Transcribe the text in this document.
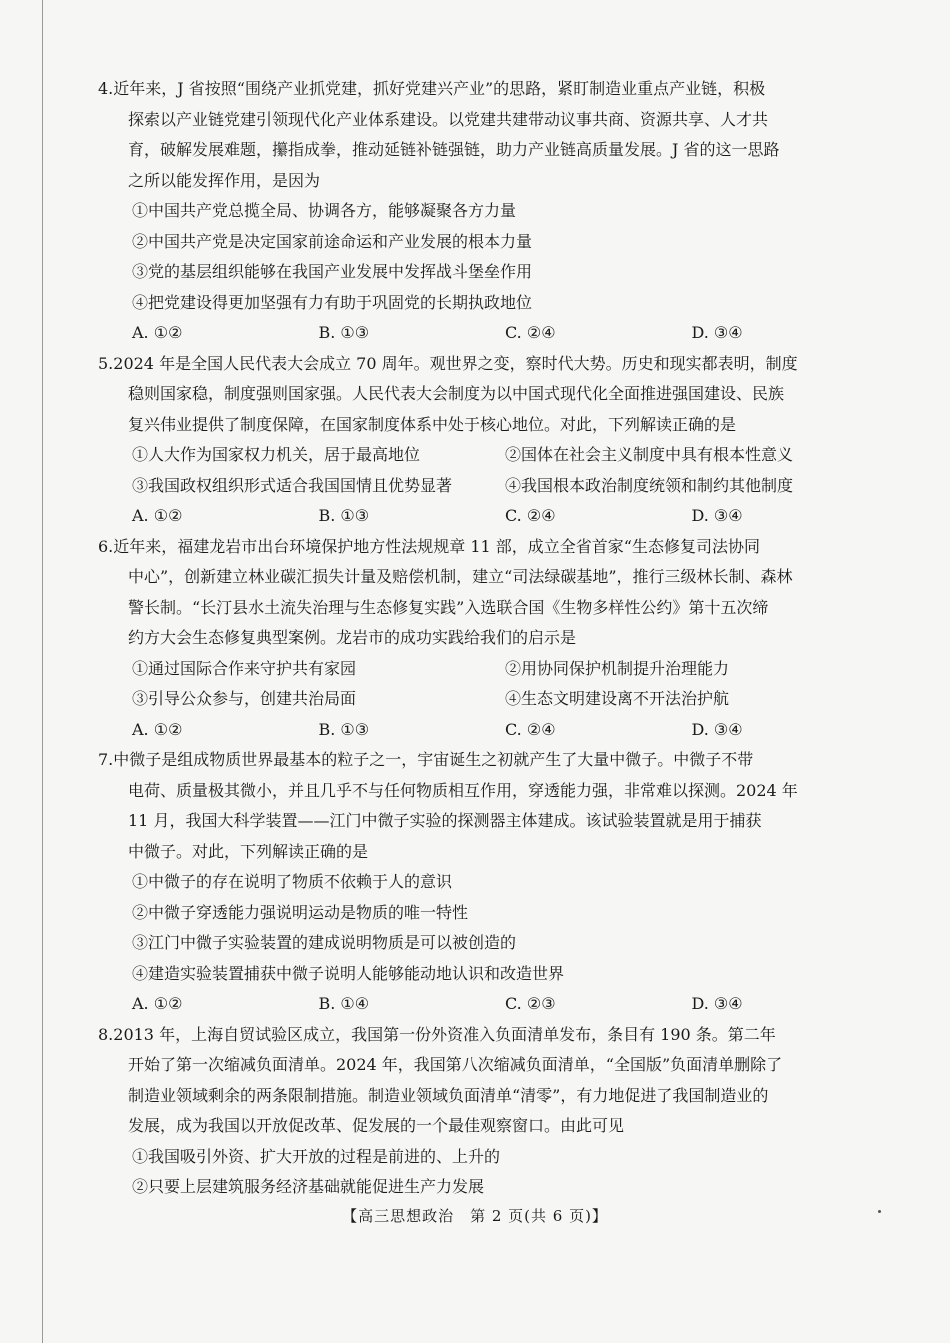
4.近年来，J 省按照“围绕产业抓党建，抓好党建兴产业”的思路，紧盯制造业重点产业链，积极
探索以产业链党建引领现代化产业体系建设。以党建共建带动议事共商、资源共享、人才共
育，破解发展难题，攥指成拳，推动延链补链强链，助力产业链高质量发展。J 省的这一思路
之所以能发挥作用，是因为
①中国共产党总揽全局、协调各方，能够凝聚各方力量
②中国共产党是决定国家前途命运和产业发展的根本力量
③党的基层组织能够在我国产业发展中发挥战斗堡垒作用
④把党建设得更加坚强有力有助于巩固党的长期执政地位
A. ①②	B. ①③	C. ②④	D. ③④
5.2024 年是全国人民代表大会成立 70 周年。观世界之变，察时代大势。历史和现实都表明，制度
稳则国家稳，制度强则国家强。人民代表大会制度为以中国式现代化全面推进强国建设、民族
复兴伟业提供了制度保障，在国家制度体系中处于核心地位。对此，下列解读正确的是
①人大作为国家权力机关，居于最高地位	②国体在社会主义制度中具有根本性意义
③我国政权组织形式适合我国国情且优势显著	④我国根本政治制度统领和制约其他制度
A. ①②	B. ①③	C. ②④	D. ③④
6.近年来，福建龙岩市出台环境保护地方性法规规章 11 部，成立全省首家“生态修复司法协同
中心”，创新建立林业碳汇损失计量及赔偿机制，建立“司法绿碳基地”，推行三级林长制、森林
警长制。“长汀县水土流失治理与生态修复实践”入选联合国《生物多样性公约》第十五次缔
约方大会生态修复典型案例。龙岩市的成功实践给我们的启示是
①通过国际合作来守护共有家园	②用协同保护机制提升治理能力
③引导公众参与，创建共治局面	④生态文明建设离不开法治护航
A. ①②	B. ①③	C. ②④	D. ③④
7.中微子是组成物质世界最基本的粒子之一，宇宙诞生之初就产生了大量中微子。中微子不带
电荷、质量极其微小，并且几乎不与任何物质相互作用，穿透能力强，非常难以探测。2024 年
11 月，我国大科学装置——江门中微子实验的探测器主体建成。该试验装置就是用于捕获
中微子。对此，下列解读正确的是
①中微子的存在说明了物质不依赖于人的意识
②中微子穿透能力强说明运动是物质的唯一特性
③江门中微子实验装置的建成说明物质是可以被创造的
④建造实验装置捕获中微子说明人能够能动地认识和改造世界
A. ①②	B. ①④	C. ②③	D. ③④
8.2013 年，上海自贸试验区成立，我国第一份外资准入负面清单发布，条目有 190 条。第二年
开始了第一次缩减负面清单。2024 年，我国第八次缩减负面清单，“全国版”负面清单删除了
制造业领域剩余的两条限制措施。制造业领域负面清单“清零”，有力地促进了我国制造业的
发展，成为我国以开放促改革、促发展的一个最佳观察窗口。由此可见
①我国吸引外资、扩大开放的过程是前进的、上升的
②只要上层建筑服务经济基础就能促进生产力发展
【高三思想政治　第 2 页(共 6 页)】
